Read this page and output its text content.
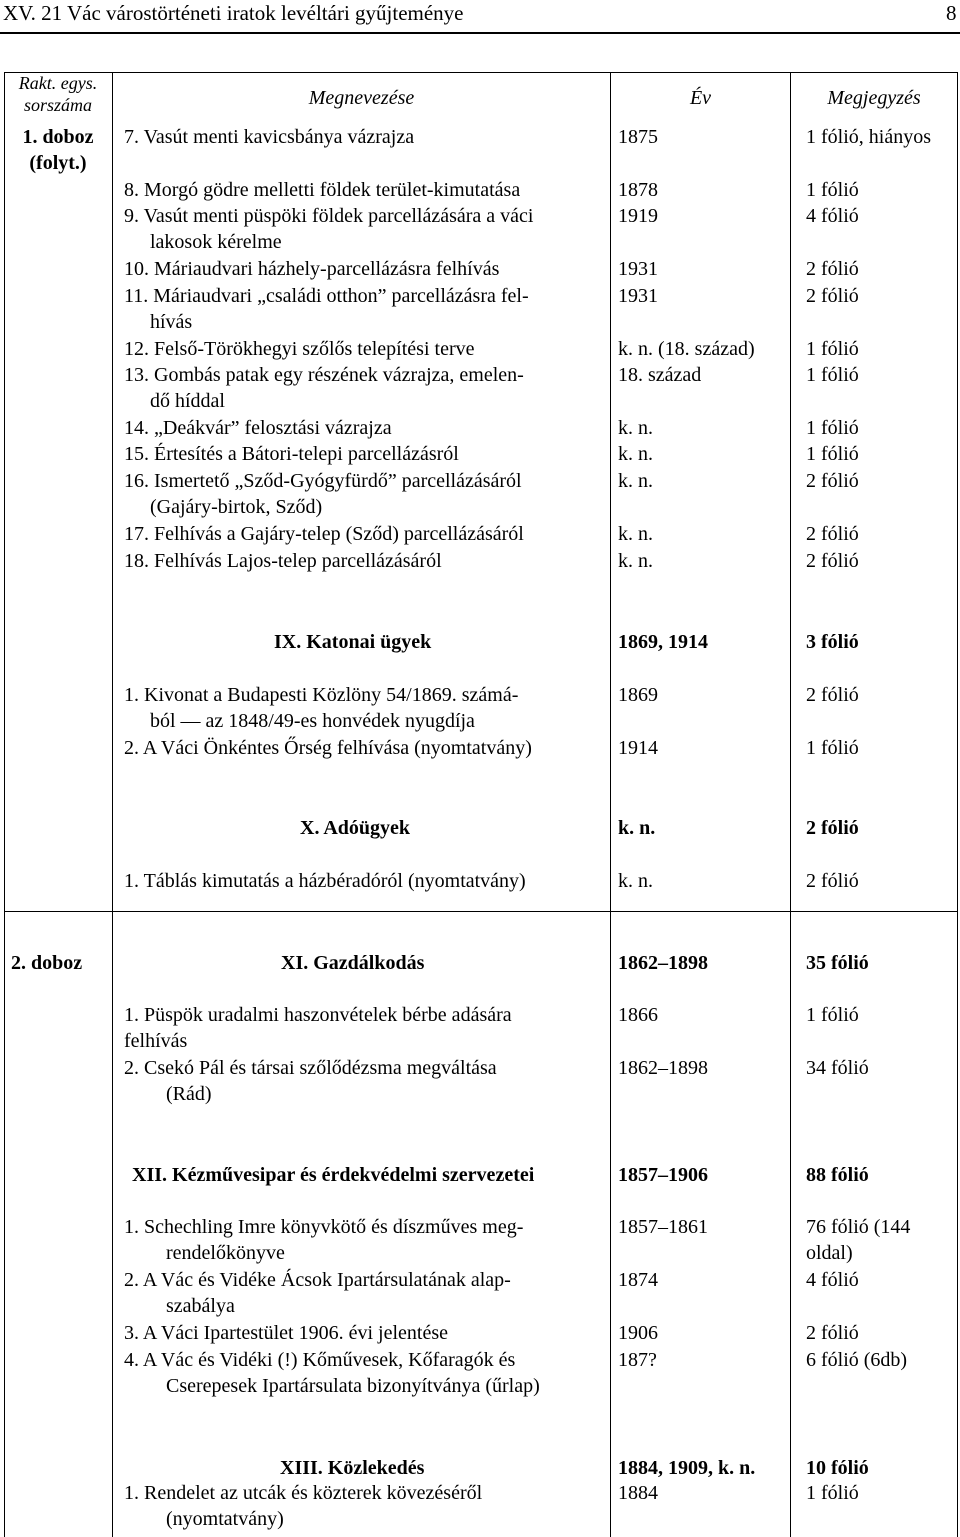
XV. 21 Vác várostörténeti iratok levéltári gyűjteménye	8
Rakt. egys.
sorszáma	Megnevezése	Év	Megjegyzés
1. doboz
(folyt.)
7. Vasút menti kavicsbánya vázrajza	1875	1 fólió, hiányos
8. Morgó gödre melletti földek terület-kimutatása	1878	1 fólió
9. Vasút menti püspöki földek parcellázására a váci
lakosok kérelme
1919	4 fólió
10. Máriaudvari házhely-parcellázásra felhívás	1931	2 fólió
11. Máriaudvari „családi otthon” parcellázásra fel-
hívás
1931	2 fólió
12. Felső-Törökhegyi szőlős telepítési terve	k. n. (18. század)	1 fólió
13. Gombás patak egy részének vázrajza, emelen-
dő híddal
18. század	1 fólió
14. „Deákvár” felosztási vázrajza	k. n.	1 fólió
15. Értesítés a Bátori-telepi parcellázásról	k. n.	1 fólió
16. Ismertető „Sződ-Gyógyfürdő” parcellázásáról
(Gajáry-birtok, Sződ)
k. n.	2 fólió
17. Felhívás a Gajáry-telep (Sződ) parcellázásáról	k. n.	2 fólió
18. Felhívás Lajos-telep parcellázásáról	k. n.	2 fólió
IX. Katonai ügyek	1869, 1914	3 fólió
1. Kivonat a Budapesti Közlöny 54/1869. számá-
ból — az 1848/49-es honvédek nyugdíja
1869	2 fólió
2. A Váci Önkéntes Őrség felhívása (nyomtatvány)	1914	1 fólió
X. Adóügyek	k. n.	2 fólió
1. Táblás kimutatás a házbéradóról (nyomtatvány)	k. n.	2 fólió
2. doboz	XI. Gazdálkodás	1862–1898	35 fólió
1. Püspök uradalmi haszonvételek bérbe adására
felhívás
1866	1 fólió
2. Csekó Pál és társai szőlődézsma megváltása
(Rád)
1862–1898	34 fólió
XII. Kézművesipar és érdekvédelmi szervezetei	1857–1906	88 fólió
1. Schechling Imre könyvkötő és díszműves meg-
rendelőkönyve
1857–1861	76 fólió (144
oldal)
2. A Vác és Vidéke Ácsok Ipartársulatának alap-
szabálya
1874	4 fólió
3. A Váci Ipartestület 1906. évi jelentése	1906	2 fólió
4. A Vác és Vidéki (!) Kőművesek, Kőfaragók és
Cserepesek Ipartársulata bizonyítványa (űrlap)
187?	6 fólió (6db)
XIII. Közlekedés	1884, 1909, k. n.	10 fólió
1. Rendelet az utcák és közterek kövezéséről
(nyomtatvány)
1884	1 fólió
